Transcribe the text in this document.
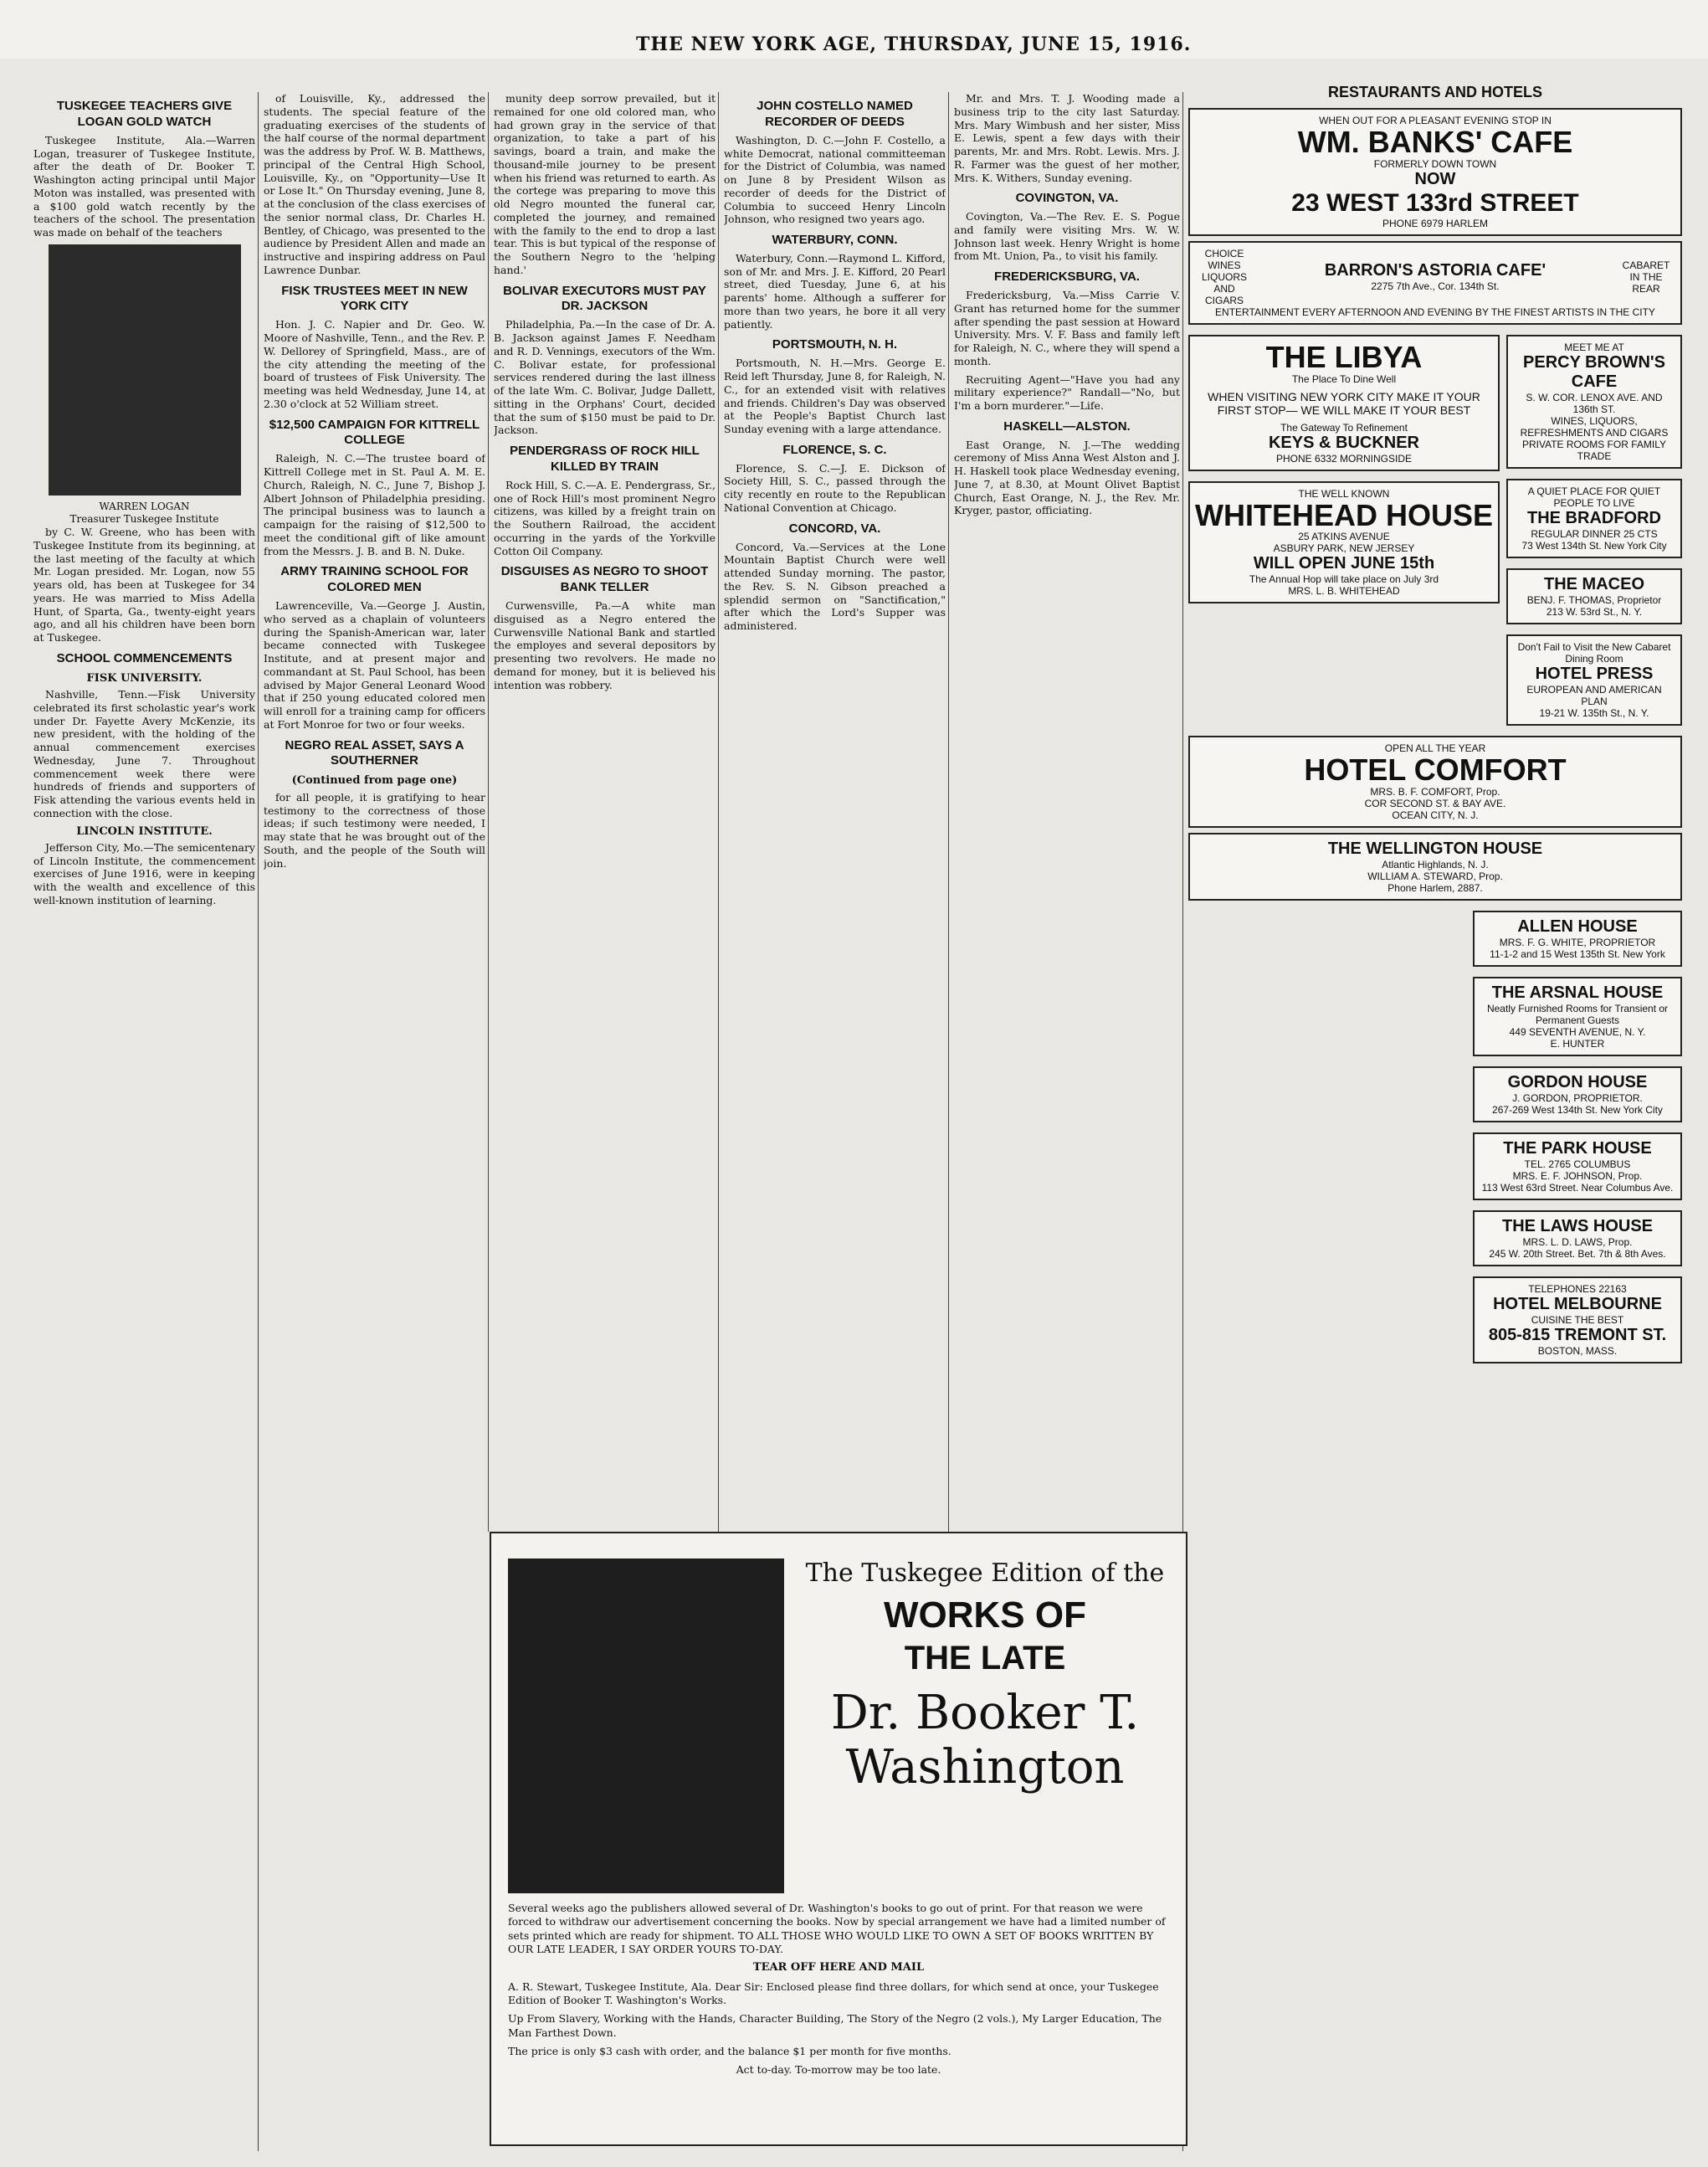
THE NEW YORK AGE, THURSDAY, JUNE 15, 1916.
TUSKEGEE TEACHERS GIVE LOGAN GOLD WATCH

Tuskegee Institute, Ala.—Warren Logan, treasurer of Tuskegee Institute, after the death of Dr. Booker T. Washington acting principal until Major Moton was installed, was presented with a $100 gold watch recently by the teachers of the school. The presentation was made on behalf of the teachers

WARREN LOGAN
Treasurer Tuskegee Institute

by C. W. Greene, who has been with Tuskegee Institute from its beginning, at the last meeting of the faculty at which Mr. Logan presided. Mr. Logan, now 55 years old, has been at Tuskegee for 34 years. He was married to Miss Adella Hunt, of Sparta, Ga., twenty-eight years ago, and all his children have been born at Tuskegee.

SCHOOL COMMENCEMENTS
FISK UNIVERSITY.

Nashville, Tenn.—Fisk University celebrated its first scholastic year's work under Dr. Fayette Avery McKenzie, its new president, with the holding of the annual commencement exercises Wednesday, June 7. Throughout commencement week there were hundreds of friends and supporters of Fisk attending the various events held in connection with the close.

LINCOLN INSTITUTE.

Jefferson City, Mo.—The semicentenary of Lincoln Institute, the commencement exercises of June 1916, were in keeping with the wealth and excellence of this well-known institution of learning.

of Louisville, Ky., addressed the students. The special feature of the graduating exercises of the students of the half course of the normal department was the address by Prof. W. B. Matthews, principal of the Central High School, Louisville, Ky., on "Opportunity—Use It or Lose It." On Thursday evening, June 8, at the conclusion of the class exercises of the senior normal class, Dr. Charles H. Bentley, of Chicago, was presented to the audience by President Allen and made an instructive and inspiring address on Paul Lawrence Dunbar.

FISK TRUSTEES MEET IN NEW YORK CITY

Hon. J. C. Napier and Dr. Geo. W. Moore of Nashville, Tenn., and the Rev. P. W. Dellorey of Springfield, Mass., are of the city attending the meeting of the board of trustees of Fisk University. The meeting was held Wednesday, June 14, at 2.30 o'clock at 52 William street.

$12,500 CAMPAIGN FOR KITTRELL COLLEGE

Raleigh, N. C.—The trustee board of Kittrell College met in St. Paul A. M. E. Church, Raleigh, N. C., June 7, Bishop J. Albert Johnson of Philadelphia presiding. The principal business was to launch a campaign for the raising of $12,500 to meet the conditional gift of like amount from the Messrs. J. B. and B. N. Duke.

ARMY TRAINING SCHOOL FOR COLORED MEN

Lawrenceville, Va.—George J. Austin, who served as a chaplain of volunteers during the Spanish-American war, later became connected with Tuskegee Institute, and at present major and commandant at St. Paul School, has been advised by Major General Leonard Wood that if 250 young educated colored men will enroll for a training camp for officers at Fort Monroe for two or four weeks.

NEGRO REAL ASSET, SAYS A SOUTHERNER
(Continued from page one)

for all people, it is gratifying to hear testimony to the correctness of those ideas; if such testimony were needed, I may state that he was brought out of the South, and the people of the South will join.

munity deep sorrow prevailed, but it remained for one old colored man, who had grown gray in the service of that organization, to take a part of his savings, board a train, and make the thousand-mile journey to be present when his friend was returned to earth. As the cortege was preparing to move this old Negro mounted the funeral car, completed the journey, and remained with the family to the end to drop a last tear. This is but typical of the response of the Southern Negro to the 'helping hand.'

BOLIVAR EXECUTORS MUST PAY DR. JACKSON

Philadelphia, Pa.—In the case of Dr. A. B. Jackson against James F. Needham and R. D. Vennings, executors of the Wm. C. Bolivar estate, for professional services rendered during the last illness of the late Wm. C. Bolivar, Judge Dallett, sitting in the Orphans' Court, decided that the sum of $150 must be paid to Dr. Jackson.

PENDERGRASS OF ROCK HILL KILLED BY TRAIN

Rock Hill, S. C.—A. E. Pendergrass, Sr., one of Rock Hill's most prominent Negro citizens, was killed by a freight train on the Southern Railroad, the accident occurring in the yards of the Yorkville Cotton Oil Company.

DISGUISES AS NEGRO TO SHOOT BANK TELLER

Curwensville, Pa.—A white man disguised as a Negro entered the Curwensville National Bank and startled the employes and several depositors by presenting two revolvers. He made no demand for money, but it is believed his intention was robbery.

JOHN COSTELLO NAMED RECORDER OF DEEDS

Washington, D. C.—John F. Costello, a white Democrat, national committeeman for the District of Columbia, was named on June 8 by President Wilson as recorder of deeds for the District of Columbia to succeed Henry Lincoln Johnson, who resigned two years ago.

WATERBURY, CONN.

Waterbury, Conn.—Raymond L. Kifford, son of Mr. and Mrs. J. E. Kifford, 20 Pearl street, died Tuesday, June 6, at his parents' home. Although a sufferer for more than two years, he bore it all very patiently.

PORTSMOUTH, N. H.

Portsmouth, N. H.—Mrs. George E. Reid left Thursday, June 8, for Raleigh, N. C., for an extended visit with relatives and friends. Children's Day was observed at the People's Baptist Church last Sunday evening with a large attendance.

FLORENCE, S. C.

Florence, S. C.—J. E. Dickson of Society Hill, S. C., passed through the city recently en route to the Republican National Convention at Chicago.

CONCORD, VA.

Concord, Va.—Services at the Lone Mountain Baptist Church were well attended Sunday morning. The pastor, the Rev. S. N. Gibson preached a splendid sermon on "Sanctification," after which the Lord's Supper was administered.

Mr. and Mrs. T. J. Wooding made a business trip to the city last Saturday. Mrs. Mary Wimbush and her sister, Miss E. Lewis, spent a few days with their parents, Mr. and Mrs. Robt. Lewis. Mrs. J. R. Farmer was the guest of her mother, Mrs. K. Withers, Sunday evening.

COVINGTON, VA.

Covington, Va.—The Rev. E. S. Pogue and family were visiting Mrs. W. W. Johnson last week. Henry Wright is home from Mt. Union, Pa., to visit his family.

FREDERICKSBURG, VA.

Fredericksburg, Va.—Miss Carrie V. Grant has returned home for the summer after spending the past session at Howard University. Mrs. V. F. Bass and family left for Raleigh, N. C., where they will spend a month.

Recruiting Agent—"Have you had any military experience?" Randall—"No, but I'm a born murderer."—Life.

HASKELL—ALSTON.

East Orange, N. J.—The wedding ceremony of Miss Anna West Alston and J. H. Haskell took place Wednesday evening, June 7, at 8.30, at Mount Olivet Baptist Church, East Orange, N. J., the Rev. Mr. Kryger, pastor, officiating.

RESTAURANTS AND HOTELS
WHEN OUT FOR A PLEASANT EVENING STOP IN
WM. BANKS' CAFE
FORMERLY DOWN TOWN
NOW
23 WEST 133rd STREET
PHONE 6979 HARLEM
CHOICE WINES LIQUORS AND CIGARS
BARRON'S ASTORIA CAFE'
2275 7th Ave., Cor. 134th St.
CABARET IN THE REAR
ENTERTAINMENT EVERY AFTERNOON AND EVENING BY THE FINEST ARTISTS IN THE CITY
THE LIBYA
The Place To Dine Well
WHEN VISITING NEW YORK CITY MAKE IT YOUR FIRST STOP— WE WILL MAKE IT YOUR BEST
The Gateway To Refinement
KEYS & BUCKNER
PHONE 6332 MORNINGSIDE
THE WELL KNOWN
WHITEHEAD HOUSE
25 ATKINS AVENUE
ASBURY PARK, NEW JERSEY
WILL OPEN JUNE 15th
The Annual Hop will take place on July 3rd
MRS. L. B. WHITEHEAD
MEET ME AT
PERCY BROWN'S CAFE
S. W. COR. LENOX AVE. AND 136th ST.
WINES, LIQUORS, REFRESHMENTS AND CIGARS
PRIVATE ROOMS FOR FAMILY TRADE
A QUIET PLACE FOR QUIET PEOPLE TO LIVE
THE BRADFORD
REGULAR DINNER 25 CTS
73 West 134th St. New York City
THE MACEO
BENJ. F. THOMAS, Proprietor
213 W. 53rd St., N. Y.
Don't Fail to Visit the New Cabaret Dining Room
HOTEL PRESS
EUROPEAN AND AMERICAN PLAN
19-21 W. 135th St., N. Y.
OPEN ALL THE YEAR
HOTEL COMFORT
MRS. B. F. COMFORT, Prop.
COR SECOND ST. & BAY AVE.
OCEAN CITY, N. J.
THE WELLINGTON HOUSE
Atlantic Highlands, N. J.
WILLIAM A. STEWARD, Prop.
Phone Harlem, 2887.
ALLEN HOUSE
MRS. F. G. WHITE, PROPRIETOR
11-1-2 and 15 West 135th St. New York
THE ARSNAL HOUSE
Neatly Furnished Rooms for Transient or Permanent Guests
449 SEVENTH AVENUE, N. Y.
E. HUNTER
GORDON HOUSE
J. GORDON, PROPRIETOR.
267-269 West 134th St. New York City
THE PARK HOUSE
TEL. 2765 COLUMBUS
MRS. E. F. JOHNSON, Prop.
113 West 63rd Street. Near Columbus Ave.
THE LAWS HOUSE
MRS. L. D. LAWS, Prop.
245 W. 20th Street. Bet. 7th & 8th Aves.
TELEPHONES 22163
HOTEL MELBOURNE
CUISINE THE BEST
805-815 TREMONT ST.
BOSTON, MASS.
The Tuskegee Edition of the
WORKS OF
THE LATE
Dr. Booker T. Washington

Several weeks ago the publishers allowed several of Dr. Washington's books to go out of print. For that reason we were forced to withdraw our advertisement concerning the books. Now by special arrangement we have had a limited number of sets printed which are ready for shipment. TO ALL THOSE WHO WOULD LIKE TO OWN A SET OF BOOKS WRITTEN BY OUR LATE LEADER, I SAY ORDER YOURS TO-DAY.

TEAR OFF HERE AND MAIL

A. R. Stewart, Tuskegee Institute, Ala. Dear Sir: Enclosed please find three dollars, for which send at once, your Tuskegee Edition of Booker T. Washington's Works.

Up From Slavery, Working with the Hands, Character Building, The Story of the Negro (2 vols.), My Larger Education, The Man Farthest Down.

The price is only $3 cash with order, and the balance $1 per month for five months.

Act to-day. To-morrow may be too late.
